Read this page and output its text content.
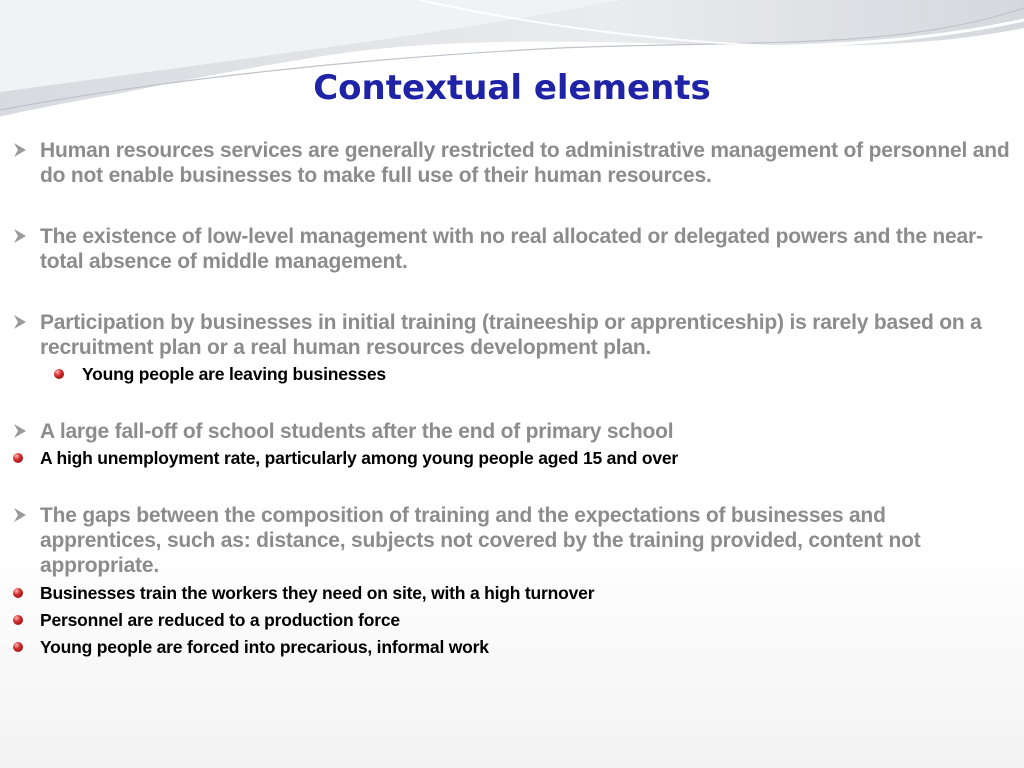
Contextual elements
Human resources services are generally restricted to administrative management of personnel and do not enable businesses to make full use of their human resources.
The existence of low-level management with no real allocated or delegated powers and the near-total absence of middle management.
Participation by businesses in initial training (traineeship or apprenticeship) is rarely based on a recruitment plan or a real human resources development plan.
Young people are leaving businesses
A large fall-off of school students after the end of primary school
A high unemployment rate, particularly among young people aged 15 and over
The gaps between the composition of training and the expectations of businesses and apprentices, such as: distance, subjects not covered by the training provided, content not appropriate.
Businesses train the workers they need on site, with a high turnover
Personnel are reduced to a production force
Young people are forced into precarious, informal work
